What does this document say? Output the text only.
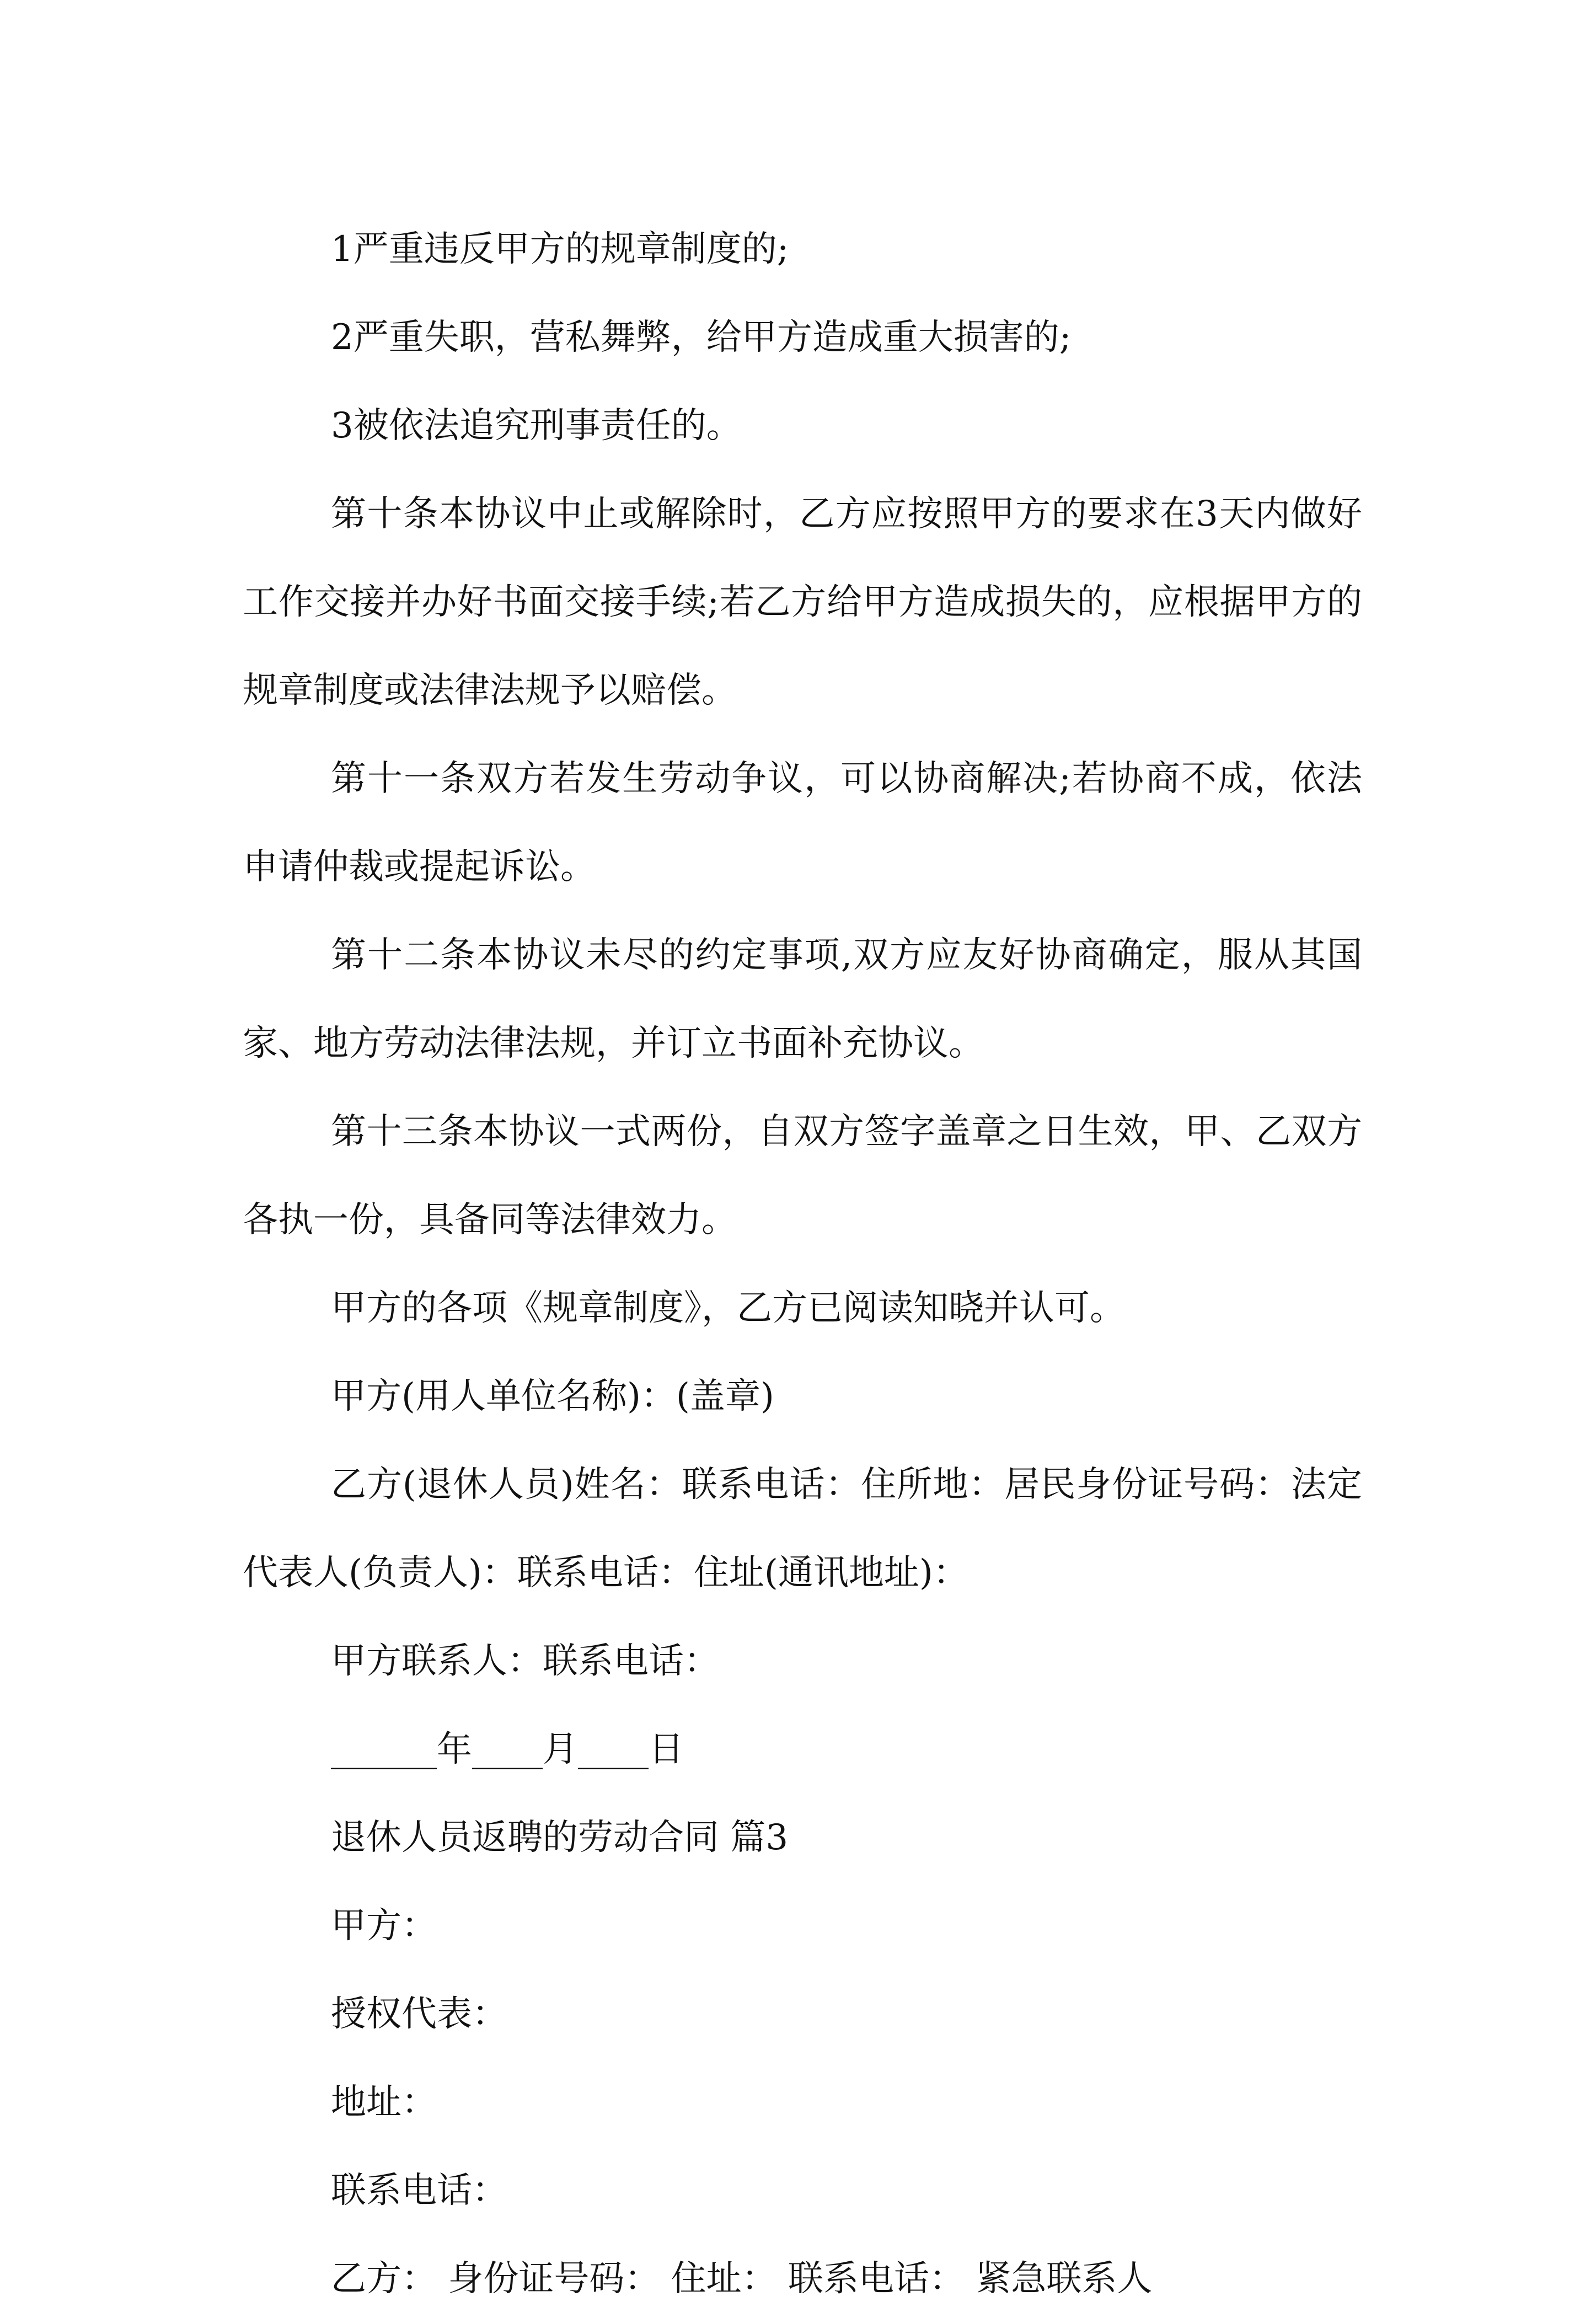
1严重违反甲方的规章制度的;

2严重失职，营私舞弊，给甲方造成重大损害的;

3被依法追究刑事责任的。

第十条本协议中止或解除时，乙方应按照甲方的要求在3天内做好工作交接并办好书面交接手续;若乙方给甲方造成损失的，应根据甲方的规章制度或法律法规予以赔偿。

第十一条双方若发生劳动争议，可以协商解决;若协商不成，依法申请仲裁或提起诉讼。

第十二条本协议未尽的约定事项,双方应友好协商确定，服从其国家、地方劳动法律法规，并订立书面补充协议。

第十三条本协议一式两份，自双方签字盖章之日生效，甲、乙双方各执一份，具备同等法律效力。

甲方的各项《规章制度》，乙方已阅读知晓并认可。

甲方(用人单位名称)：(盖章)

乙方(退休人员)姓名：联系电话：住所地：居民身份证号码：法定代表人(负责人)：联系电话：住址(通讯地址)：

甲方联系人：联系电话：

______年____月____日

退休人员返聘的劳动合同 篇3

甲方：

授权代表：

地址：

联系电话：

乙方： 身份证号码： 住址： 联系电话： 紧急联系人
